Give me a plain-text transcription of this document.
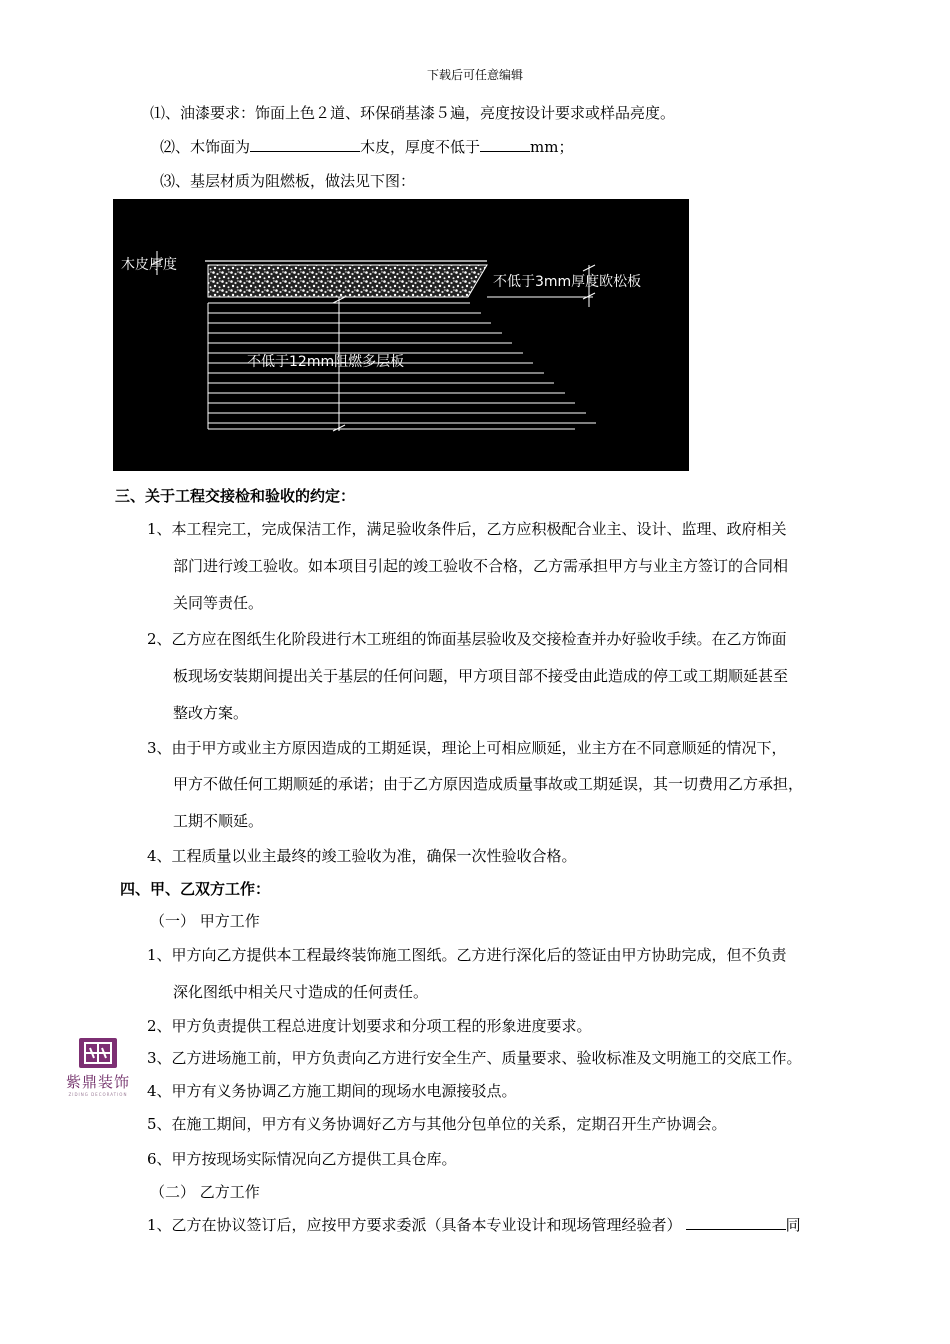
下载后可任意编辑
⑴、油漆要求：饰面上色２道、环保硝基漆５遍，亮度按设计要求或样品亮度。
⑵、木饰面为	木皮，厚度不低于	mm；
⑶、基层材质为阻燃板，做法见下图：
木皮厚度
不低于3mm厚度欧松板
不低于12mm阻燃多层板
三、关于工程交接检和验收的约定：
1、本工程完工，完成保洁工作，满足验收条件后，乙方应积极配合业主、设计、监理、政府相关
部门进行竣工验收。如本项目引起的竣工验收不合格，乙方需承担甲方与业主方签订的合同相
关同等责任。
2、乙方应在图纸生化阶段进行木工班组的饰面基层验收及交接检查并办好验收手续。在乙方饰面
板现场安装期间提出关于基层的任何问题，甲方项目部不接受由此造成的停工或工期顺延甚至
整改方案。
3、由于甲方或业主方原因造成的工期延误，理论上可相应顺延，业主方在不同意顺延的情况下，
甲方不做任何工期顺延的承诺；由于乙方原因造成质量事故或工期延误，其一切费用乙方承担，
工期不顺延。
4、工程质量以业主最终的竣工验收为准，确保一次性验收合格。
四、甲、乙双方工作：
（一） 甲方工作
1、甲方向乙方提供本工程最终装饰施工图纸。乙方进行深化后的签证由甲方协助完成，但不负责
深化图纸中相关尺寸造成的任何责任。
2、甲方负责提供工程总进度计划要求和分项工程的形象进度要求。
3、乙方进场施工前，甲方负责向乙方进行安全生产、质量要求、验收标准及文明施工的交底工作。
4、甲方有义务协调乙方施工期间的现场水电源接驳点。
5、在施工期间，甲方有义务协调好乙方与其他分包单位的关系，定期召开生产协调会。
6、甲方按现场实际情况向乙方提供工具仓库。
（二） 乙方工作
1、乙方在协议签订后，应按甲方要求委派（具备本专业设计和现场管理经验者）	同
紫鼎装饰
ZIDING DECORATION
